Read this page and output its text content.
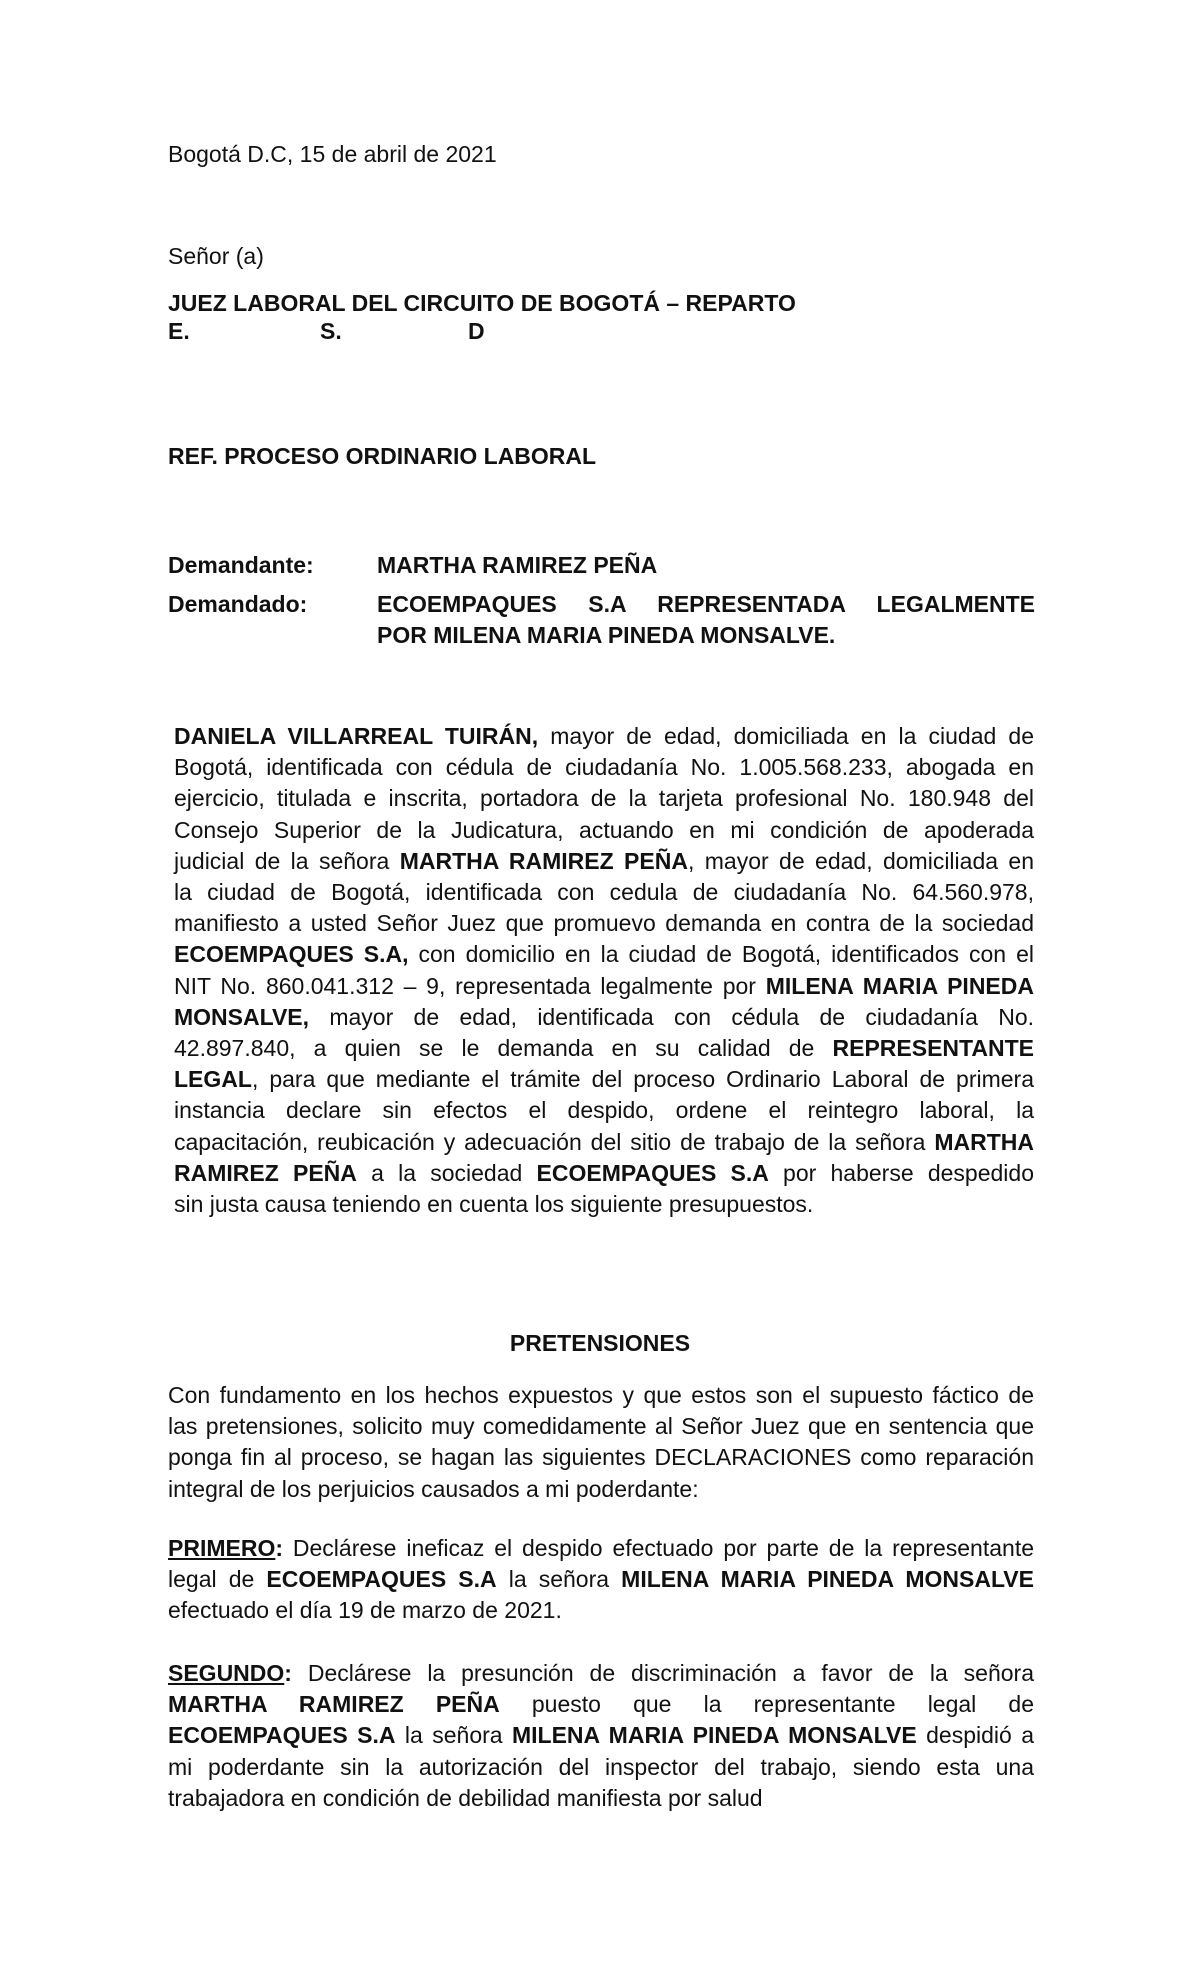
Bogotá D.C, 15 de abril de 2021
Señor (a)
JUEZ LABORAL DEL CIRCUITO DE BOGOTÁ – REPARTO
E.	S.	D
REF. PROCESO ORDINARIO LABORAL
Demandante:	MARTHA RAMIREZ PEÑA
Demandado:	ECOEMPAQUES S.A REPRESENTADA LEGALMENTE
POR MILENA MARIA PINEDA MONSALVE.
DANIELA VILLARREAL TUIRÁN, mayor de edad, domiciliada en la ciudad de
Bogotá, identificada con cédula de ciudadanía No. 1.005.568.233, abogada en
ejercicio, titulada e inscrita, portadora de la tarjeta profesional No. 180.948 del
Consejo Superior de la Judicatura, actuando en mi condición de apoderada
judicial de la señora MARTHA RAMIREZ PEÑA, mayor de edad, domiciliada en
la ciudad de Bogotá, identificada con cedula de ciudadanía No. 64.560.978,
manifiesto a usted Señor Juez que promuevo demanda en contra de la sociedad
ECOEMPAQUES S.A, con domicilio en la ciudad de Bogotá, identificados con el
NIT No. 860.041.312 – 9, representada legalmente por MILENA MARIA PINEDA
MONSALVE, mayor de edad, identificada con cédula de ciudadanía No.
42.897.840, a quien se le demanda en su calidad de REPRESENTANTE
LEGAL, para que mediante el trámite del proceso Ordinario Laboral de primera
instancia declare sin efectos el despido, ordene el reintegro laboral, la
capacitación, reubicación y adecuación del sitio de trabajo de la señora MARTHA
RAMIREZ PEÑA a la sociedad ECOEMPAQUES S.A por haberse despedido
sin justa causa teniendo en cuenta los siguiente presupuestos.
PRETENSIONES
Con fundamento en los hechos expuestos y que estos son el supuesto fáctico de
las pretensiones, solicito muy comedidamente al Señor Juez que en sentencia que
ponga fin al proceso, se hagan las siguientes DECLARACIONES como reparación
integral de los perjuicios causados a mi poderdante:
PRIMERO: Declárese ineficaz el despido efectuado por parte de la representante
legal de ECOEMPAQUES S.A la señora MILENA MARIA PINEDA MONSALVE
efectuado el día 19 de marzo de 2021.
SEGUNDO: Declárese la presunción de discriminación a favor de la señora
MARTHA RAMIREZ PEÑA puesto que la representante legal de
ECOEMPAQUES S.A la señora MILENA MARIA PINEDA MONSALVE despidió a
mi poderdante sin la autorización del inspector del trabajo, siendo esta una
trabajadora en condición de debilidad manifiesta por salud
